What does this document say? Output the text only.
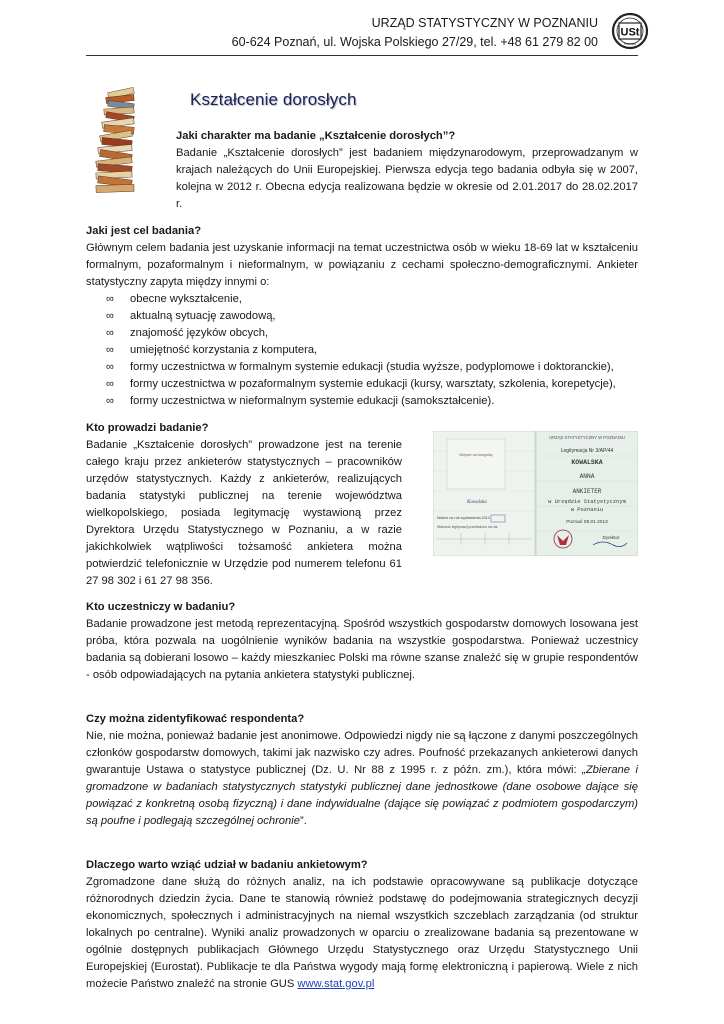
URZĄD STATYSTYCZNY W POZNANIU
60-624 Poznań, ul. Wojska Polskiego 27/29, tel. +48 61 279 82 00
USt
Poznań
Kształcenie dorosłych
Jaki charakter ma badanie „Kształcenie dorosłych”?
Badanie „Kształcenie dorosłych” jest badaniem międzynarodowym, przeprowadzanym w krajach należących do Unii Europejskiej. Pierwsza edycja tego badania odbyła się w 2007, kolejna w 2012 r. Obecna edycja realizowana będzie w okresie od 2.01.2017 do 28.02.2017 r.
Jaki jest cel badania?
Głównym celem badania jest uzyskanie informacji na temat uczestnictwa osób w wieku 18-69 lat w kształceniu formalnym, pozaformalnym i nieformalnym, w powiązaniu z cechami społeczno-demograficznymi. Ankieter statystyczny zapyta między innymi o:
∞ obecne wykształcenie,
∞ aktualną sytuację zawodową,
∞ znajomość języków obcych,
∞ umiejętność korzystania z komputera,
∞ formy uczestnictwa w formalnym systemie edukacji (studia wyższe, podyplomowe i doktoranckie),
∞ formy uczestnictwa w pozaformalnym systemie edukacji (kursy, warsztaty, szkolenia, korepetycje),
∞ formy uczestnictwa w nieformalnym systemie edukacji (samokształcenie).
Kto prowadzi badanie?
Badanie „Kształcenie dorosłych” prowadzone jest na terenie całego kraju przez ankieterów statystycznych – pracowników urzędów statystycznych. Każdy z ankieterów, realizujących badania statystyki publicznej na terenie województwa wielkopolskiego, posiada legitymację wystawioną przez Dyrektora Urzędu Statystycznego w Poznaniu, a w razie jakichkolwiek wątpliwości tożsamość ankietera można potwierdzić telefonicznie w Urzędzie pod numerem telefonu 61 27 98 302 i 61 27 98 356.
Miejsce na fotografię
Kowalska
Ważne na rok wystawienia 2013
Ważność legitymacji przedłużono na rok:
URZĄD STATYSTYCZNY W POZNANIU
Legitymacja Nr 3/AP/44
KOWALSKA
ANNA
ANKIETER
w Urzędzie Statystycznym
w Poznaniu
Poznań 08.01.2013
Dyrektor
Kto uczestniczy w badaniu?
Badanie prowadzone jest metodą reprezentacyjną. Spośród wszystkich gospodarstw domowych losowana jest próba, która pozwala na uogólnienie wyników badania na wszystkie gospodarstwa. Ponieważ uczestnicy badania są dobierani losowo – każdy mieszkaniec Polski ma równe szanse znaleźć się w grupie respondentów - osób odpowiadających na pytania ankietera statystyki publicznej.
Czy można zidentyfikować respondenta?
Nie, nie można, ponieważ badanie jest anonimowe. Odpowiedzi nigdy nie są łączone z danymi poszczególnych członków gospodarstw domowych, takimi jak nazwisko czy adres. Poufność przekazanych ankieterowi danych gwarantuje Ustawa o statystyce publicznej (Dz. U. Nr 88 z 1995 r. z późn. zm.), która mówi: „Zbierane i gromadzone w badaniach statystycznych statystyki publicznej dane jednostkowe (dane osobowe dające się powiązać z konkretną osobą fizyczną) i dane indywidualne (dające się powiązać z podmiotem gospodarczym) są poufne i podlegają szczególnej ochronie”.
Dlaczego warto wziąć udział w badaniu ankietowym?
Zgromadzone dane służą do różnych analiz, na ich podstawie opracowywane są publikacje dotyczące różnorodnych dziedzin życia. Dane te stanowią również podstawę do podejmowania strategicznych decyzji ekonomicznych, społecznych i administracyjnych na niemal wszystkich szczeblach zarządzania (od struktur lokalnych po centralne). Wyniki analiz prowadzonych w oparciu o zrealizowane badania są prezentowane w ogólnie dostępnych publikacjach Głównego Urzędu Statystycznego oraz Urzędu Statystycznego Unii Europejskiej (Eurostat). Publikacje te dla Państwa wygody mają formę elektroniczną i papierową. Wiele z nich możecie Państwo znaleźć na stronie GUS www.stat.gov.pl
